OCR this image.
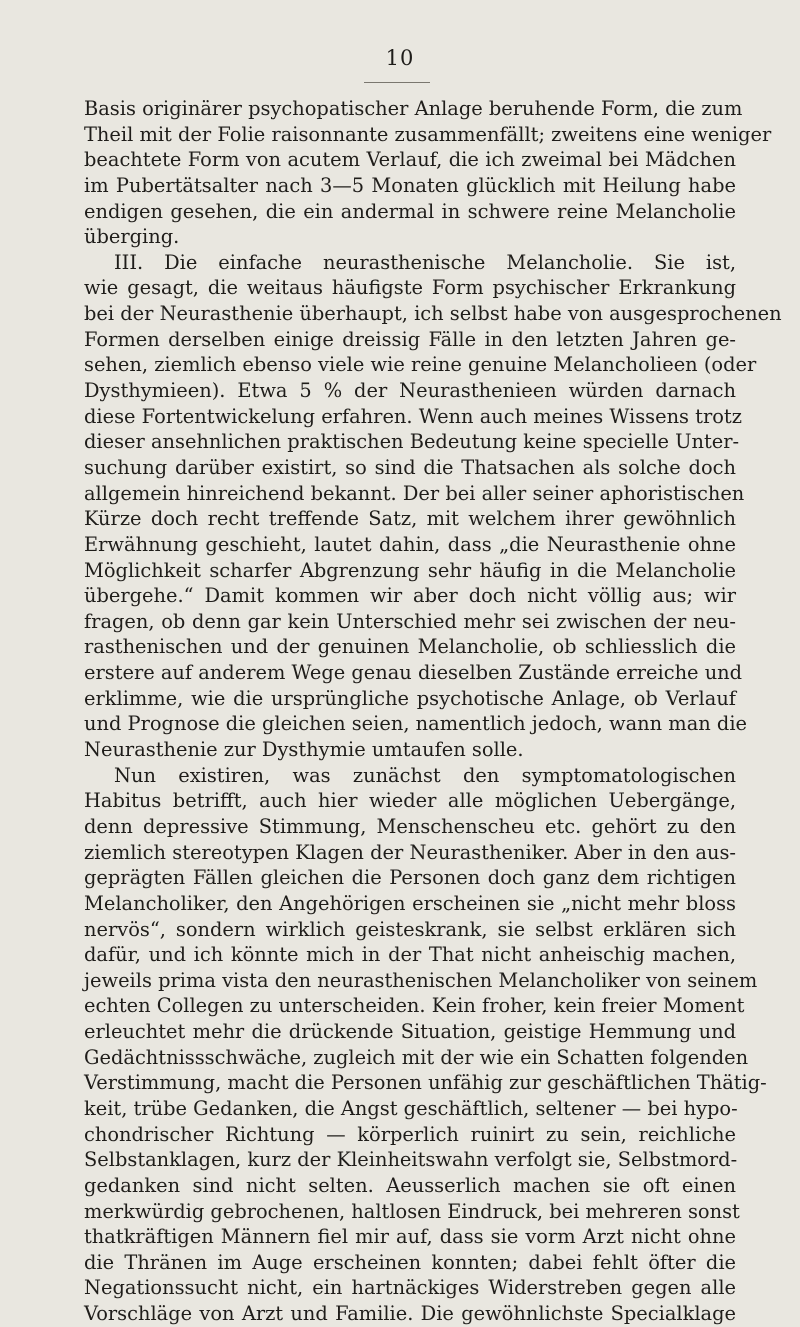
10
Basis originärer psychopatischer Anlage beruhende Form, die zum
Theil mit der Folie raisonnante zusammenfällt; zweitens eine weniger
beachtete Form von acutem Verlauf, die ich zweimal bei Mädchen
im Pubertätsalter nach 3—5 Monaten glücklich mit Heilung habe
endigen gesehen, die ein andermal in schwere reine Melancholie
überging.
III. Die einfache neurasthenische Melancholie. Sie ist,
wie gesagt, die weitaus häufigste Form psychischer Erkrankung
bei der Neurasthenie überhaupt, ich selbst habe von ausgesprochenen
Formen derselben einige dreissig Fälle in den letzten Jahren ge-
sehen, ziemlich ebenso viele wie reine genuine Melancholieen (oder
Dysthymieen). Etwa 5 % der Neurasthenieen würden darnach
diese Fortentwickelung erfahren. Wenn auch meines Wissens trotz
dieser ansehnlichen praktischen Bedeutung keine specielle Unter-
suchung darüber existirt, so sind die Thatsachen als solche doch
allgemein hinreichend bekannt. Der bei aller seiner aphoristischen
Kürze doch recht treffende Satz, mit welchem ihrer gewöhnlich
Erwähnung geschieht, lautet dahin, dass „die Neurasthenie ohne
Möglichkeit scharfer Abgrenzung sehr häufig in die Melancholie
übergehe.“ Damit kommen wir aber doch nicht völlig aus; wir
fragen, ob denn gar kein Unterschied mehr sei zwischen der neu-
rasthenischen und der genuinen Melancholie, ob schliesslich die
erstere auf anderem Wege genau dieselben Zustände erreiche und
erklimme, wie die ursprüngliche psychotische Anlage, ob Verlauf
und Prognose die gleichen seien, namentlich jedoch, wann man die
Neurasthenie zur Dysthymie umtaufen solle.
Nun existiren, was zunächst den symptomatologischen
Habitus betrifft, auch hier wieder alle möglichen Uebergänge,
denn depressive Stimmung, Menschenscheu etc. gehört zu den
ziemlich stereotypen Klagen der Neurastheniker. Aber in den aus-
geprägten Fällen gleichen die Personen doch ganz dem richtigen
Melancholiker, den Angehörigen erscheinen sie „nicht mehr bloss
nervös“, sondern wirklich geisteskrank, sie selbst erklären sich
dafür, und ich könnte mich in der That nicht anheischig machen,
jeweils prima vista den neurasthenischen Melancholiker von seinem
echten Collegen zu unterscheiden. Kein froher, kein freier Moment
erleuchtet mehr die drückende Situation, geistige Hemmung und
Gedächtnissschwäche, zugleich mit der wie ein Schatten folgenden
Verstimmung, macht die Personen unfähig zur geschäftlichen Thätig-
keit, trübe Gedanken, die Angst geschäftlich, seltener — bei hypo-
chondrischer Richtung — körperlich ruinirt zu sein, reichliche
Selbstanklagen, kurz der Kleinheitswahn verfolgt sie, Selbstmord-
gedanken sind nicht selten. Aeusserlich machen sie oft einen
merkwürdig gebrochenen, haltlosen Eindruck, bei mehreren sonst
thatkräftigen Männern fiel mir auf, dass sie vorm Arzt nicht ohne
die Thränen im Auge erscheinen konnten; dabei fehlt öfter die
Negationssucht nicht, ein hartnäckiges Widerstreben gegen alle
Vorschläge von Arzt und Familie. Die gewöhnlichste Specialklage
